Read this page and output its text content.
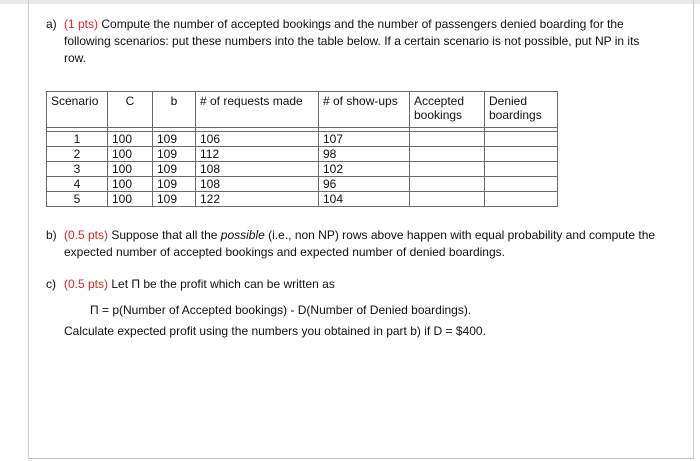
a) (1 pts) Compute the number of accepted bookings and the number of passengers denied boarding for the following scenarios: put these numbers into the table below. If a certain scenario is not possible, put NP in its row.
Scenario	C	b	# of requests made	# of show-ups	Accepted bookings	Denied boardings

1	100	109	106	107		
2	100	109	112	98		
3	100	109	108	102		
4	100	109	108	96		
5	100	109	122	104		
b) (0.5 pts) Suppose that all the possible (i.e., non NP) rows above happen with equal probability and compute the expected number of accepted bookings and expected number of denied boardings.
c) (0.5 pts) Let Π be the profit which can be written as
Π = p(Number of Accepted bookings) - D(Number of Denied boardings).
Calculate expected profit using the numbers you obtained in part b) if D = $400.
